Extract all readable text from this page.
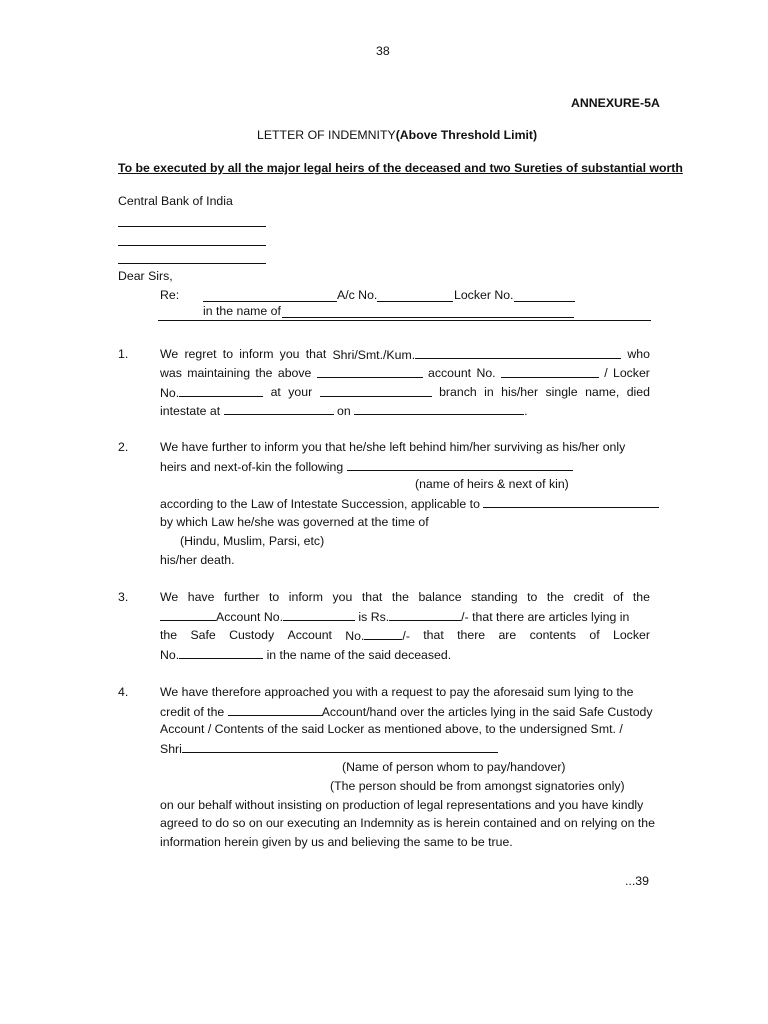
38
ANNEXURE-5A
LETTER OF INDEMNITY(Above Threshold Limit)
To be executed by all the major legal heirs of the deceased and two Sureties of substantial worth
Central Bank of India
Dear Sirs,
Re:	A/c No.	Locker No.
in the name of
1.	We regret to inform you that Shri/Smt./Kum.	who
was maintaining the above	account No.	/ Locker
No.	at your	branch in his/her single name, died
intestate at	on	.
2.	We have further to inform you that he/she left behind him/her surviving as his/her only
heirs and next-of-kin the following
(name of heirs & next of kin)
according to the Law of Intestate Succession, applicable to
by which Law he/she was governed at the time of
(Hindu, Muslim, Parsi, etc)
his/her death.
3.	We have further to inform you that the balance standing to the credit of the
Account No.	is Rs.	/- that there are articles lying in
the Safe Custody Account No.	/- that there are contents of Locker
No.	in the name of the said deceased.
4.	We have therefore approached you with a request to pay the aforesaid sum lying to the
credit of the	Account/hand over the articles lying in the said Safe Custody
Account / Contents of the said Locker as mentioned above, to the undersigned Smt. /
Shri
(Name of person whom to pay/handover)
(The person should be from amongst signatories only)
on our behalf without insisting on production of legal representations and you have kindly
agreed to do so on our executing an Indemnity as is herein contained and on relying on the
information herein given by us and believing the same to be true.
...39
